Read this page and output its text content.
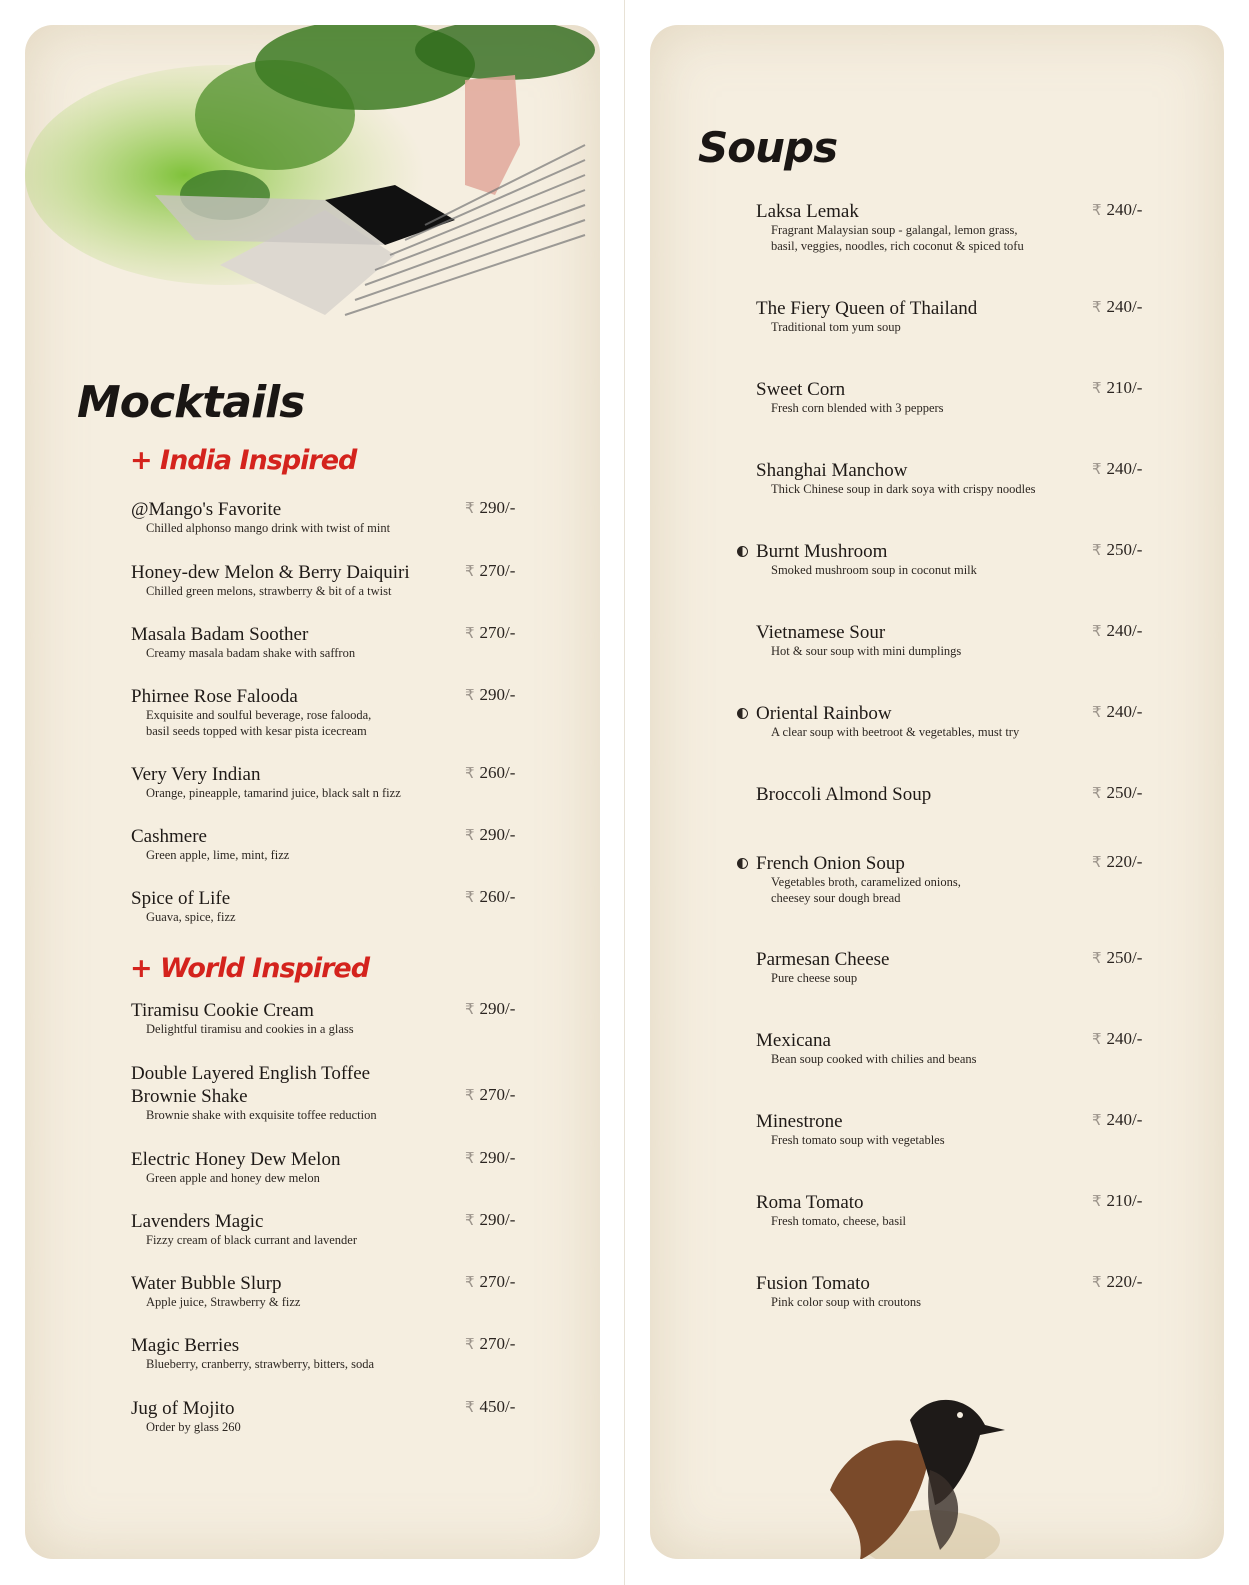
Mocktails
+ India Inspired
+ World Inspired
@Mango's Favorite
Chilled alphonso mango drink with twist of mint
₹ 290/-
Honey-dew Melon & Berry Daiquiri
Chilled green melons, strawberry & bit of a twist
₹ 270/-
Masala Badam Soother
Creamy masala badam shake with saffron
₹ 270/-
Phirnee Rose Falooda
Exquisite and soulful beverage, rose falooda,
basil seeds topped with kesar pista icecream
₹ 290/-
Very Very Indian
Orange, pineapple, tamarind juice, black salt n fizz
₹ 260/-
Cashmere
Green apple, lime, mint, fizz
₹ 290/-
Spice of Life
Guava, spice, fizz
₹ 260/-
Tiramisu Cookie Cream
Delightful tiramisu and cookies in a glass
₹ 290/-
Double Layered English Toffee
Brownie Shake
Brownie shake with exquisite toffee reduction
₹ 270/-
Electric Honey Dew Melon
Green apple and honey dew melon
₹ 290/-
Lavenders Magic
Fizzy cream of black currant and lavender
₹ 290/-
Water Bubble Slurp
Apple juice, Strawberry & fizz
₹ 270/-
Magic Berries
Blueberry, cranberry, strawberry, bitters, soda
₹ 270/-
Jug of Mojito
Order by glass 260
₹ 450/-
Soups
Laksa Lemak
Fragrant Malaysian soup - galangal, lemon grass,
basil, veggies, noodles, rich coconut & spiced tofu
₹ 240/-
The Fiery Queen of Thailand
Traditional tom yum soup
₹ 240/-
Sweet Corn
Fresh corn blended with 3 peppers
₹ 210/-
Shanghai Manchow
Thick Chinese soup in dark soya with crispy noodles
₹ 240/-
Burnt Mushroom
Smoked mushroom soup in coconut milk
₹ 250/-
Vietnamese Sour
Hot & sour soup with mini dumplings
₹ 240/-
Oriental Rainbow
A clear soup with beetroot & vegetables, must try
₹ 240/-
Broccoli Almond Soup	₹ 250/-
French Onion Soup
Vegetables broth, caramelized onions,
cheesey sour dough bread
₹ 220/-
Parmesan Cheese
Pure cheese soup
₹ 250/-
Mexicana
Bean soup cooked with chilies and beans
₹ 240/-
Minestrone
Fresh tomato soup with vegetables
₹ 240/-
Roma Tomato
Fresh tomato, cheese, basil
₹ 210/-
Fusion Tomato
Pink color soup with croutons
₹ 220/-
